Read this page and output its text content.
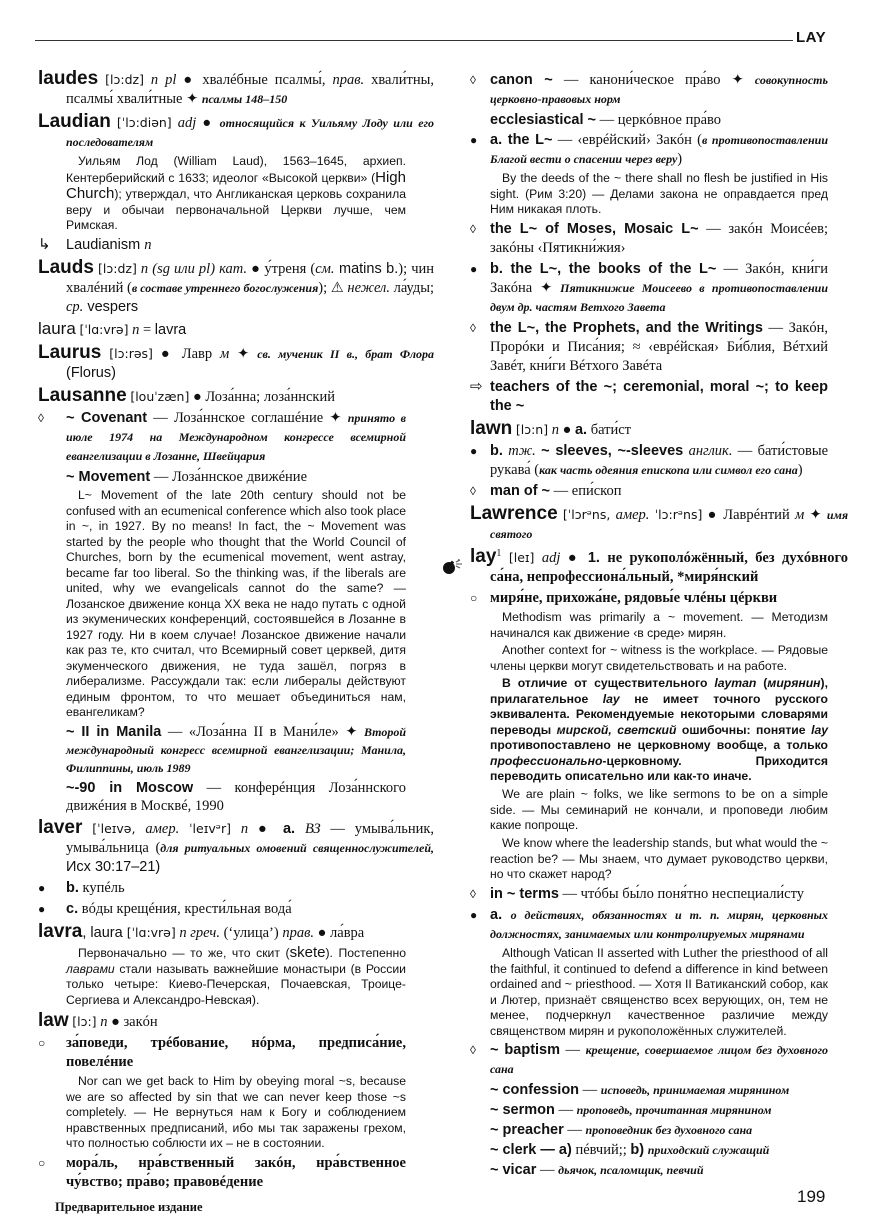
LAY
laudes [lɔ:dz] n pl ● хвалéбные псалмы́, прав. хвали́тны, псалмы́ хвали́тные ✦ псалмы 148–150
Laudian [ˈlɔ:diən] adj ● относящийся к Уильяму Лоду или его последователям
Уильям Лод (William Laud), 1563–1645, архиеп. Кентерберийский с 1633; идеолог «Высокой церкви» (High Church); утверждал, что Англиканская церковь сохранила веру и обычаи первоначальной Церкви лучше, чем Римская.
Laudianism n
↳
Lauds [lɔ:dz] n (sg или pl) кат. ● у́треня (см. matins b.); чин хвалéний (в составе утреннего богослужения); ⚠ нежел. ла́уды; ср. vespers
laura [ˈlɑ:vrə] n = lavra
Laurus [lɔ:rəs] ● Лавр м ✦ св. мученик II в., брат Флора (Florus)
Lausanne [louˈzæn] ● Лоза́нна; лоза́ннский
~ Covenant — Лоза́ннское соглашéние ✦ принято в июле 1974 на Международном конгрессе всемирной евангелизации в Лозанне, Швейцария
◊
~ Movement — Лоза́ннское движéние
L~ Movement of the late 20th century should not be confused with an ecumenical conference which also took place in ~, in 1927. By no means! In fact, the ~ Movement was started by the people who thought that the World Council of Churches, born by the ecumenical movement, went astray, became far too liberal. So the thinking was, if the liberals are united, why we evangelicals cannot do the same? — Лозанское движение конца XX века не надо путать с одной из экуменических конференций, состоявшейся в Лозанне в 1927 году. Ни в коем случае! Лозанское движение начали как раз те, кто считал, что Всемирный совет церквей, дитя экуменческого движения, не туда зашёл, погряз в либерализме. Рассуждали так: если либералы действуют единым фронтом, то что мешает объединиться нам, евангеликам?
~ II in Manila — «Лоза́нна II в Мани́ле» ✦ Второй международный конгресс всемирной евангелизации; Манила, Филиппины, июль 1989
~-90 in Moscow — конферéнция Лоза́ннского движéния в Москвé, 1990
laver [ˈleɪvə, амер. ˈleɪvᵊr] n ● a. ВЗ — умыва́льник, умыва́льница (для ритуальных омовений священнослужителей, Исх 30:17–21)
b. купéль
●
c. вóды крещéния, крести́льная вода́
●
lavra, laura [ˈlɑ:vrə] n греч. (‘улица’) прав. ● ла́вра
Первоначально — то же, что скит (skete). Постепенно лаврами стали называть важнейшие монастыри (в России только четыре: Киево-Печерская, Почаевская, Троице-Сергиева и Александро-Невская).
law [lɔ:] n ● закóн
за́поведи, трéбование, нóрма, предписа́ние, повелéние
○
Nor can we get back to Him by obeying moral ~s, because we are so affected by sin that we can never keep those ~s completely. — Не вернуться нам к Богу и соблюдением нравственных предписаний, ибо мы так заражены грехом, что полностью соблюсти их – не в состоянии.
мора́ль, нра́вственный закóн, нра́вственное чу́вство; пра́во; правовéдение
○
canon ~ — канони́ческое пра́во ✦ совокупность церковно-правовых норм
◊
ecclesiastical ~ — церкóвное пра́во
a. the L~ — ‹еврéйский› Закóн (в противопоставлении Благой вести о спасении через веру)
●
By the deeds of the ~ there shall no flesh be justified in His sight. (Рим 3:20) — Делами закона не оправдается пред Ним никакая плоть.
the L~ of Moses, Mosaic L~ — закóн Моисéев; закóны ‹Пятикни́жия›
◊
b. the L~, the books of the L~ — Закóн, кни́ги Закóна ✦ Пятикнижие Моисеево в противопоставлении двум др. частям Ветхого Завета
●
the L~, the Prophets, and the Writings — Закóн, Прорóки и Писа́ния; ≈ ‹еврéйская› Би́блия, Вéтхий Завéт, кни́ги Вéтхого Завéта
◊
teachers of the ~; ceremonial, moral ~; to keep the ~
⇨
lawn [lɔ:n] n ● a. бати́ст
b. тж. ~ sleeves, ~-sleeves англик. — бати́стовые рукава́ (как часть одеяния епископа или символ его сана)
●
man of ~ — епи́скоп
◊
Lawrence [ˈlɔrᵊns, амер. ˈlɔ:rᵊns] ● Лаврéнтий м ✦ имя святого
lay$^1$ [leɪ] adj ● 1. не рукополóжённый, без духóвного са́на, непрофессиона́льный, *миря́нский
миря́не, прихожа́не, рядовы́е члéны цéркви
○
Methodism was primarily a ~ movement. — Методизм начинался как движение ‹в среде› мирян.
Another context for ~ witness is the workplace. — Рядовые члены церкви могут свидетельствовать и на работе.
В отличие от существительного layman (мирянин), прилагательное lay не имеет точного русского эквивалента. Рекомендуемые некоторыми словарями переводы мирской, светский ошибочны: понятие lay противопоставлено не церковному вообще, а только профессионально-церковному. Приходится переводить описательно или как-то иначе.
We are plain ~ folks, we like sermons to be on a simple side. — Мы семинарий не кончали, и проповеди любим какие попроще.
We know where the leadership stands, but what would the ~ reaction be? — Мы знаем, что думает руководство церкви, но что скажет народ?
in ~ terms — чтóбы бы́ло поня́тно неспециали́сту
◊
a. о действиях, обязанностях и т. п. мирян, церковных должностях, занимаемых или контролируемых мирянами
●
Although Vatican II asserted with Luther the priesthood of all the faithful, it continued to defend a difference in kind between ordained and ~ priesthood. — Хотя II Ватиканский собор, как и Лютер, признаёт священство всех верующих, он, тем не менее, подчеркнул качественное различие между священством мирян и рукоположённых служителей.
~ baptism — крещение, совершаемое лицом без духовного сана
◊
~ confession — исповедь, принимаемая мирянином
~ sermon — проповедь, прочитанная мирянином
~ preacher — проповедник без духовного сана
~ clerk — a) пéвчий;; b) приходский служащий
~ vicar — дьячок, псаломщик, певчий
Предварительное издание
199
